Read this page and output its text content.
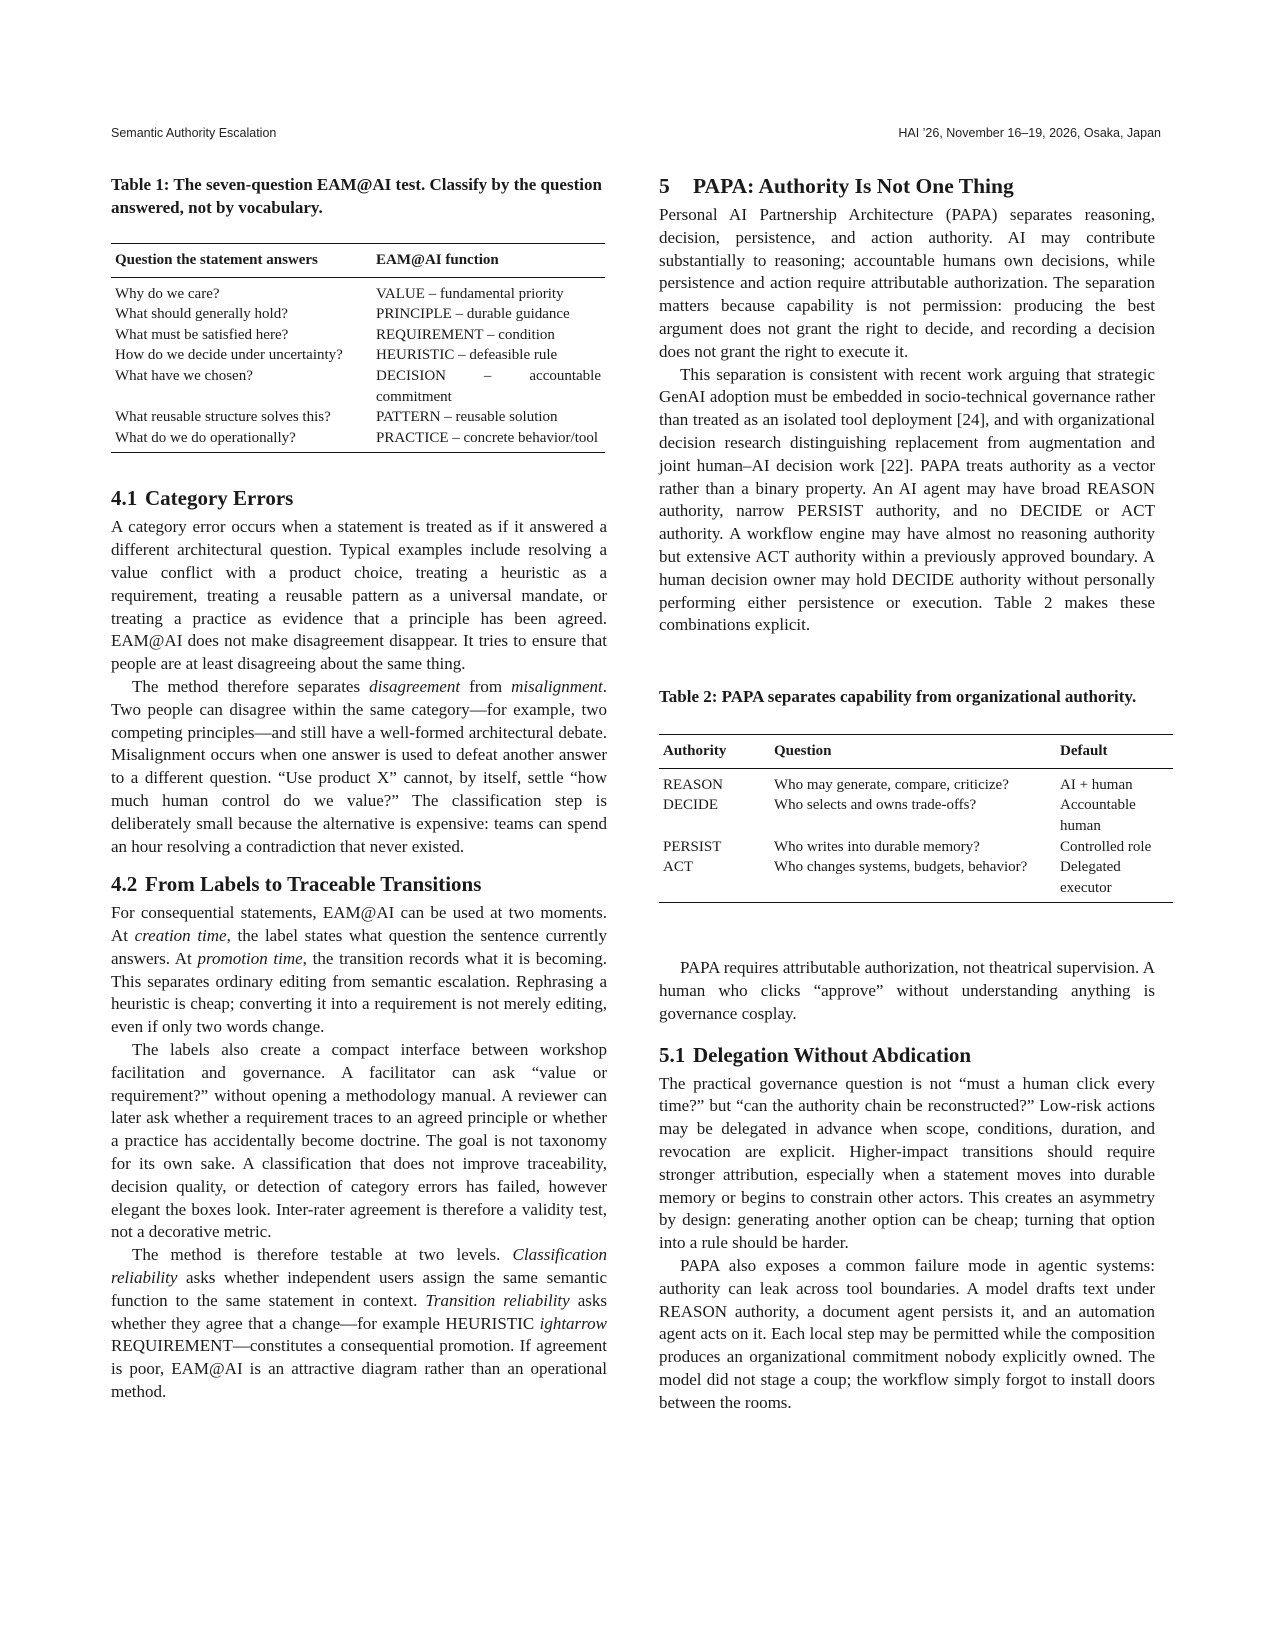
Semantic Authority Escalation	HAI ’26, November 16–19, 2026, Osaka, Japan

Table 1: The seven-question EAM@AI test. Classify by the question answered, not by vocabulary.

Question the statement answers	EAM@AI function
Why do we care?	VALUE – fundamental priority
What should generally hold?	PRINCIPLE – durable guidance
What must be satisfied here?	REQUIREMENT – condition
How do we decide under uncertainty?	HEURISTIC – defeasible rule
What have we chosen?	DECISION – accountable commitment
What reusable structure solves this?	PATTERN – reusable solution
What do we do operationally?	PRACTICE – concrete behavior/tool
4.1 Category Errors

A category error occurs when a statement is treated as if it answered a different architectural question. Typical examples include resolving a value conflict with a product choice, treating a heuristic as a requirement, treating a reusable pattern as a universal mandate, or treating a practice as evidence that a principle has been agreed. EAM@AI does not make disagreement disappear. It tries to ensure that people are at least disagreeing about the same thing.

The method therefore separates disagreement from misalignment. Two people can disagree within the same category—for example, two competing principles—and still have a well-formed architectural debate. Misalignment occurs when one answer is used to defeat another answer to a different question. “Use product X” cannot, by itself, settle “how much human control do we value?” The classification step is deliberately small because the alternative is expensive: teams can spend an hour resolving a contradiction that never existed.

4.2 From Labels to Traceable Transitions

For consequential statements, EAM@AI can be used at two moments. At creation time, the label states what question the sentence currently answers. At promotion time, the transition records what it is becoming. This separates ordinary editing from semantic escalation. Rephrasing a heuristic is cheap; converting it into a requirement is not merely editing, even if only two words change.

The labels also create a compact interface between workshop facilitation and governance. A facilitator can ask “value or requirement?” without opening a methodology manual. A reviewer can later ask whether a requirement traces to an agreed principle or whether a practice has accidentally become doctrine. The goal is not taxonomy for its own sake. A classification that does not improve traceability, decision quality, or detection of category errors has failed, however elegant the boxes look. Inter-rater agreement is therefore a validity test, not a decorative metric.

The method is therefore testable at two levels. Classification reliability asks whether independent users assign the same semantic function to the same statement in context. Transition reliability asks whether they agree that a change—for example HEURISTIC ightarrow REQUIREMENT—constitutes a consequential promotion. If agreement is poor, EAM@AI is an attractive diagram rather than an operational method.

5 PAPA: Authority Is Not One Thing

Personal AI Partnership Architecture (PAPA) separates reasoning, decision, persistence, and action authority. AI may contribute substantially to reasoning; accountable humans own decisions, while persistence and action require attributable authorization. The separation matters because capability is not permission: producing the best argument does not grant the right to decide, and recording a decision does not grant the right to execute it.

This separation is consistent with recent work arguing that strategic GenAI adoption must be embedded in socio-technical governance rather than treated as an isolated tool deployment [24], and with organizational decision research distinguishing replacement from augmentation and joint human–AI decision work [22]. PAPA treats authority as a vector rather than a binary property. An AI agent may have broad REASON authority, narrow PERSIST authority, and no DECIDE or ACT authority. A workflow engine may have almost no reasoning authority but extensive ACT authority within a previously approved boundary. A human decision owner may hold DECIDE authority without personally performing either persistence or execution. Table 2 makes these combinations explicit.

Table 2: PAPA separates capability from organizational authority.

Authority	Question	Default
REASON	Who may generate, compare, criticize?	AI + human
DECIDE	Who selects and owns trade-offs?	Accountable human
PERSIST	Who writes into durable memory?	Controlled role
ACT	Who changes systems, budgets, behavior?	Delegated executor

PAPA requires attributable authorization, not theatrical supervision. A human who clicks “approve” without understanding anything is governance cosplay.

5.1 Delegation Without Abdication

The practical governance question is not “must a human click every time?” but “can the authority chain be reconstructed?” Low-risk actions may be delegated in advance when scope, conditions, duration, and revocation are explicit. Higher-impact transitions should require stronger attribution, especially when a statement moves into durable memory or begins to constrain other actors. This creates an asymmetry by design: generating another option can be cheap; turning that option into a rule should be harder.

PAPA also exposes a common failure mode in agentic systems: authority can leak across tool boundaries. A model drafts text under REASON authority, a document agent persists it, and an automation agent acts on it. Each local step may be permitted while the composition produces an organizational commitment nobody explicitly owned. The model did not stage a coup; the workflow simply forgot to install doors between the rooms.
